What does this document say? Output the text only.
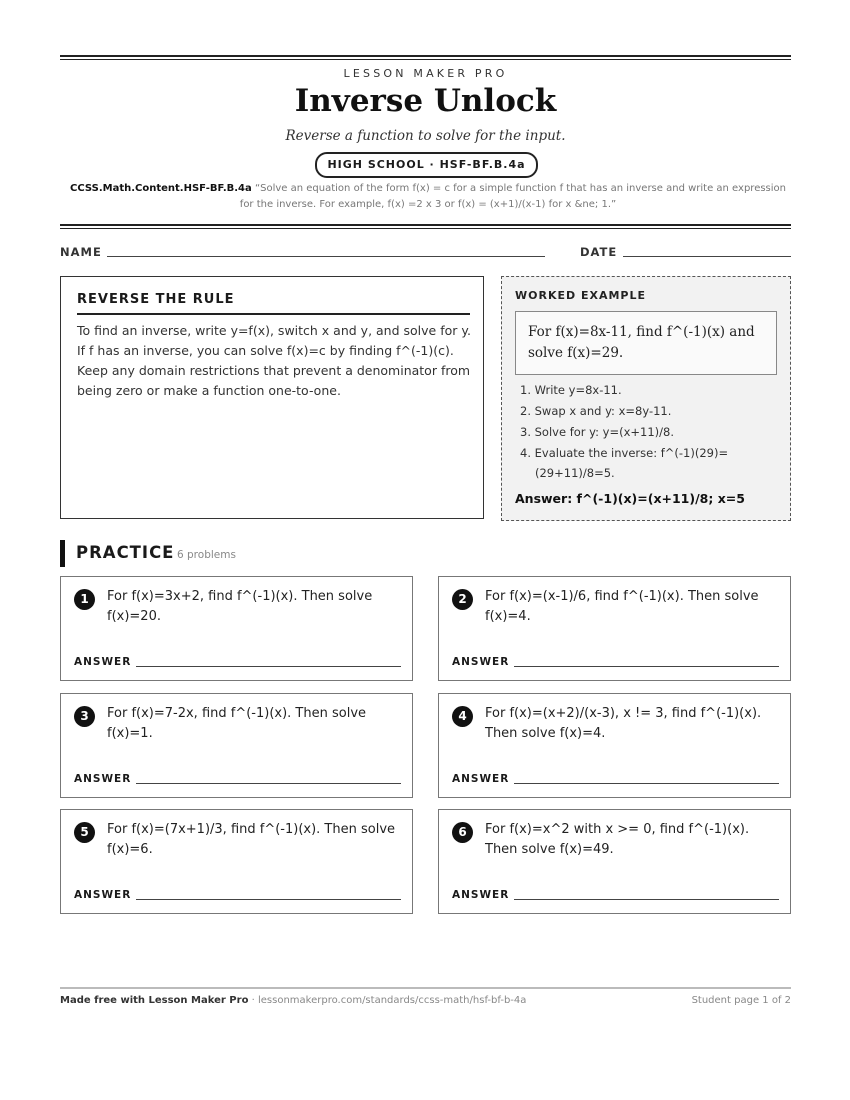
LESSON MAKER PRO
Inverse Unlock
Reverse a function to solve for the input.
HIGH SCHOOL · HSF-BF.B.4a
CCSS.Math.Content.HSF-BF.B.4a “Solve an equation of the form f(x) = c for a simple function f that has an inverse and write an expression for the inverse. For example, f(x) =2 x 3 or f(x) = (x+1)/(x-1) for x &ne; 1.”
NAME	DATE
REVERSE THE RULE

To find an inverse, write y=f(x), switch x and y, and solve for y. If f has an inverse, you can solve f(x)=c by finding f^(-1)(c). Keep any domain restrictions that prevent a denominator from being zero or make a function one-to-one.

WORKED EXAMPLE
For f(x)=8x-11, find f^(-1)(x) and solve f(x)=29.
1. Write y=8x-11.
2. Swap x and y: x=8y-11.
3. Solve for y: y=(x+11)/8.
4. Evaluate the inverse: f^(-1)(29)=(29+11)/8=5.
Answer: f^(-1)(x)=(x+11)/8; x=5
PRACTICE 6 problems
1	For f(x)=3x+2, find f^(-1)(x). Then solve f(x)=20.
ANSWER
2	For f(x)=(x-1)/6, find f^(-1)(x). Then solve f(x)=4.
ANSWER
3	For f(x)=7-2x, find f^(-1)(x). Then solve f(x)=1.
ANSWER
4	For f(x)=(x+2)/(x-3), x != 3, find f^(-1)(x). Then solve f(x)=4.
ANSWER
5	For f(x)=(7x+1)/3, find f^(-1)(x). Then solve f(x)=6.
ANSWER
6	For f(x)=x^2 with x >= 0, find f^(-1)(x). Then solve f(x)=49.
ANSWER
Made free with Lesson Maker Pro · lessonmakerpro.com/standards/ccss-math/hsf-bf-b-4a	Student page 1 of 2
